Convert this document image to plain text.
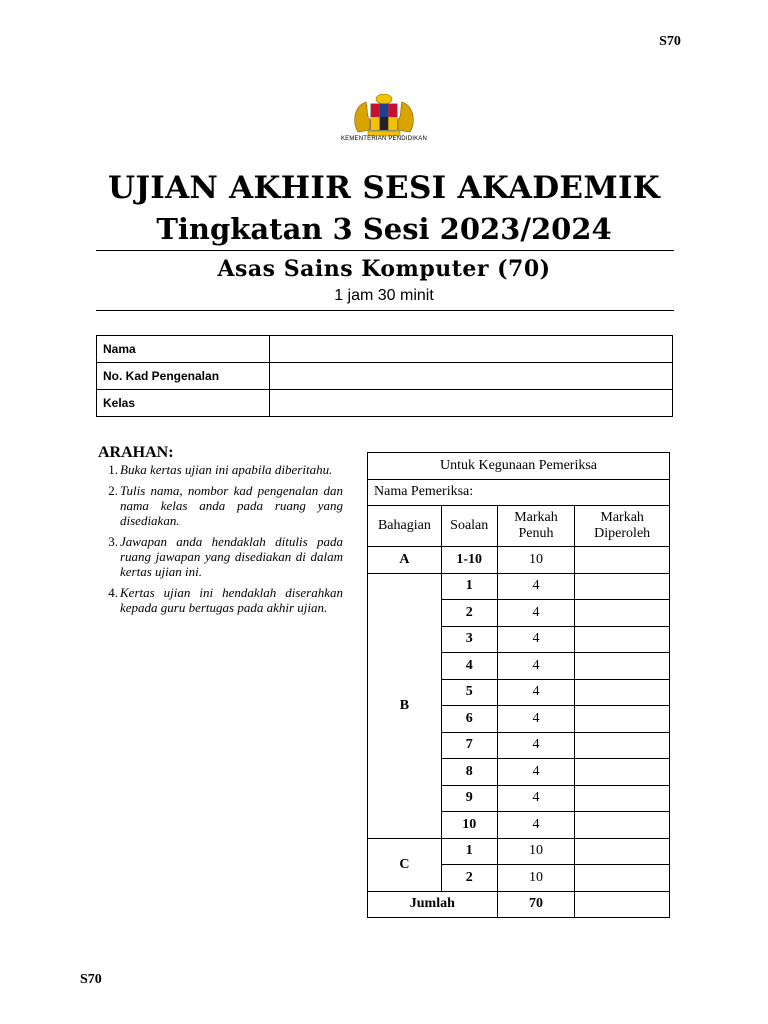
S70
KEMENTERIAN PENDIDIKAN
UJIAN AKHIR SESI AKADEMIK
Tingkatan 3 Sesi 2023/2024
Asas Sains Komputer (70)
1 jam 30 minit
Nama	
No. Kad Pengenalan	
Kelas	
ARAHAN:
1. Buka kertas ujian ini apabila diberitahu.
2. Tulis nama, nombor kad pengenalan dan nama kelas anda pada ruang yang disediakan.
3. Jawapan anda hendaklah ditulis pada ruang jawapan yang disediakan di dalam kertas ujian ini.
4. Kertas ujian ini hendaklah diserahkan kepada guru bertugas pada akhir ujian.
Untuk Kegunaan Pemeriksa			
Nama Pemeriksa:			
Bahagian	Soalan	Markah Penuh	Markah Diperoleh
A	1-10	10	
B	1	4	
	2	4	
	3	4	
	4	4	
	5	4	
	6	4	
	7	4	
	8	4	
	9	4	
	10	4	
C	1	10	
	2	10	
Jumlah		70	
S70
